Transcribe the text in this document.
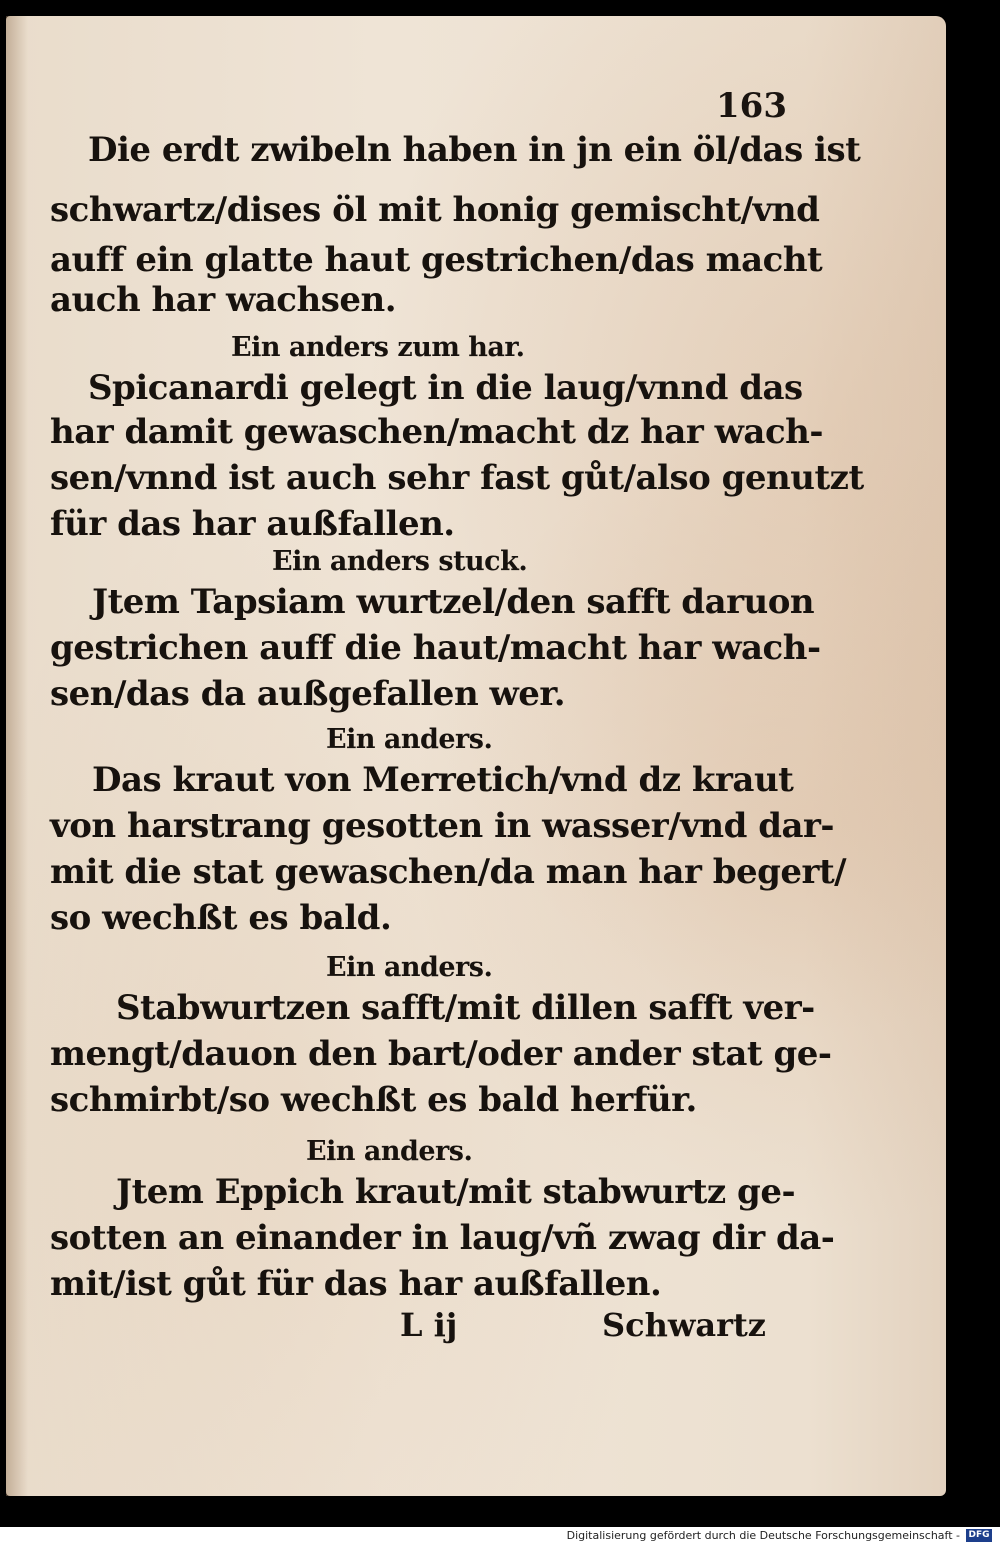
163
Die erdt zwibeln haben in jn ein öl/das ist
schwartz/dises öl mit honig gemischt/vnd
auff ein glatte haut gestrichen/das macht
auch har wachsen.
Ein anders zum har.
Spicanardi gelegt in die laug/vnnd das
har damit gewaschen/macht dz har wach-
sen/vnnd ist auch sehr fast gůt/also genutzt
für das har außfallen.
Ein anders stuck.
Jtem Tapsiam wurtzel/den safft daruon
gestrichen auff die haut/macht har wach-
sen/das da außgefallen wer.
Ein anders.
Das kraut von Merretich/vnd dz kraut
von harstrang gesotten in wasser/vnd dar-
mit die stat gewaschen/da man har begert/
so wechßt es bald.
Ein anders.
Stabwurtzen safft/mit dillen safft ver-
mengt/dauon den bart/oder ander stat ge-
schmirbt/so wechßt es bald herfür.
Ein anders.
Jtem Eppich kraut/mit stabwurtz ge-
sotten an einander in laug/vñ zwag dir da-
mit/ist gůt für das har außfallen.
L ij	Schwartz
Digitalisierung gefördert durch die Deutsche Forschungsgemeinschaft - DFG
